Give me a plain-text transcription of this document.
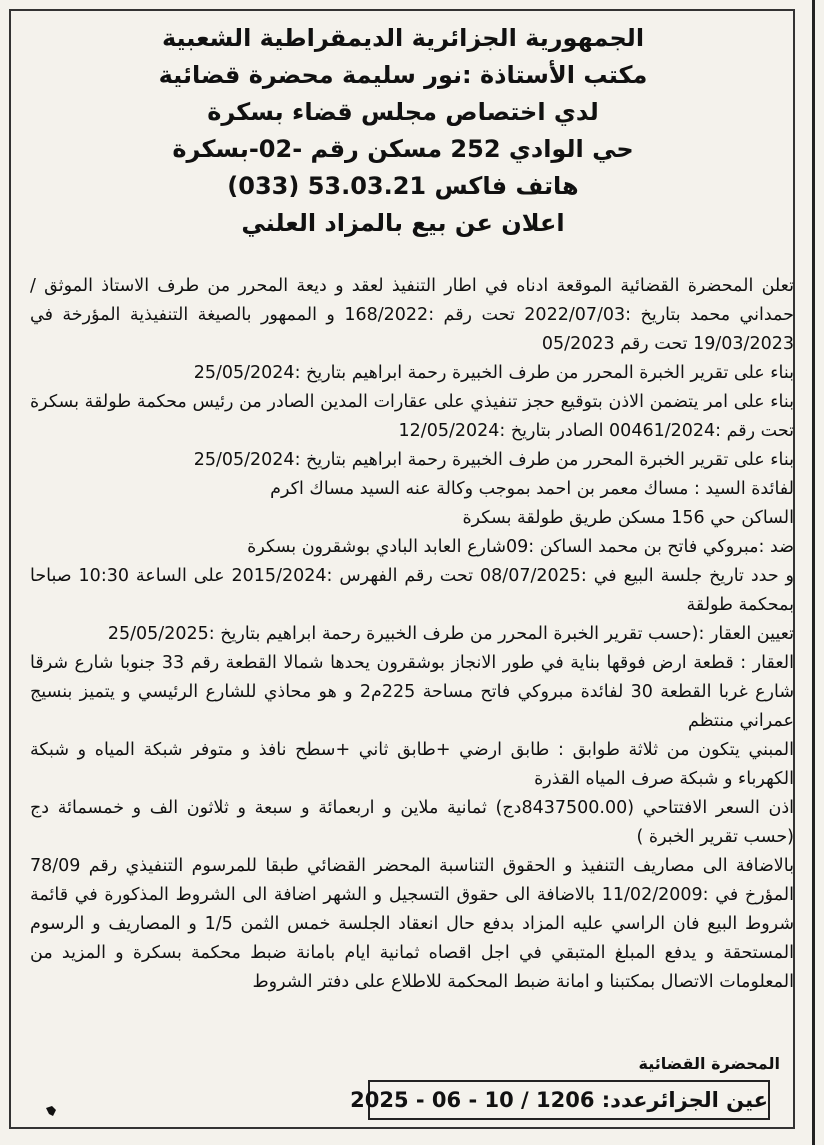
الجمهورية الجزائرية الديمقراطية الشعبية
مكتب الأستاذة :نور سليمة محضرة قضائية
لدي اختصاص مجلس قضاء بسكرة
حي الوادي 252 مسكن رقم -02-بسكرة
هاتف فاكس 53.03.21 (033)
اعلان عن بيع بالمزاد العلني

تعلن المحضرة القضائية الموقعة ادناه في اطار التنفيذ لعقد و ديعة المحرر من طرف الاستاذ الموثق /حمداني محمد بتاريخ :2022/07/03 تحت رقم :168/2022 و الممهور بالصيغة التنفيذية المؤرخة في 19/03/2023 تحت رقم 05/2023

بناء على تقرير الخبرة المحرر من طرف الخبيرة رحمة ابراهيم بتاريخ :25/05/2024

بناء على امر يتضمن الاذن بتوقيع حجز تنفيذي على عقارات المدين الصادر من رئيس محكمة طولقة بسكرة تحت رقم :00461/2024 الصادر بتاريخ :12/05/2024

بناء على تقرير الخبرة المحرر من طرف الخبيرة رحمة ابراهيم بتاريخ :25/05/2024

لفائدة السيد : مساك معمر بن احمد بموجب وكالة عنه السيد مساك اكرم

الساكن حي 156 مسكن طريق طولقة بسكرة

ضد :مبروكي فاتح بن محمد الساكن :09شارع العابد البادي بوشقرون بسكرة

و حدد تاريخ جلسة البيع في :08/07/2025 تحت رقم الفهرس :2015/2024 على الساعة 10:30 صباحا بمحكمة طولقة

تعيين العقار :(حسب تقرير الخبرة المحرر من طرف الخبيرة رحمة ابراهيم بتاريخ :25/05/2025

العقار : قطعة ارض فوقها بناية في طور الانجاز بوشقرون يحدها شمالا القطعة رقم 33 جنوبا شارع شرقا شارع غربا القطعة 30 لفائدة مبروكي فاتح مساحة 225م2 و هو محاذي للشارع الرئيسي و يتميز بنسيج عمراني منتظم

المبني يتكون من ثلاثة طوابق : طابق ارضي +طابق ثاني +سطح نافذ و متوفر شبكة المياه و شبكة الكهرباء و شبكة صرف المياه القذرة

اذن السعر الافتتاحي (8437500.00دج) ثمانية ملاين و اربعمائة و سبعة و ثلاثون الف و خمسمائة دج (حسب تقرير الخبرة )

بالاضافة الى مصاريف التنفيذ و الحقوق التناسبة المحضر القضائي طبقا للمرسوم التنفيذي رقم 78/09 المؤرخ في :11/02/2009 بالاضافة الى حقوق التسجيل و الشهر اضافة الى الشروط المذكورة في قائمة شروط البيع فان الراسي عليه المزاد بدفع حال انعقاد الجلسة خمس الثمن 1/5 و المصاريف و الرسوم المستحقة و يدفع المبلغ المتبقي في اجل اقصاه ثمانية ايام بامانة ضبط محكمة بسكرة و المزيد من المعلومات الاتصال بمكتبنا و امانة ضبط المحكمة للاطلاع على دفتر الشروط

المحضرة القضائية
عين الجزائرعدد: 1206 / 10 - 06 - 2025
